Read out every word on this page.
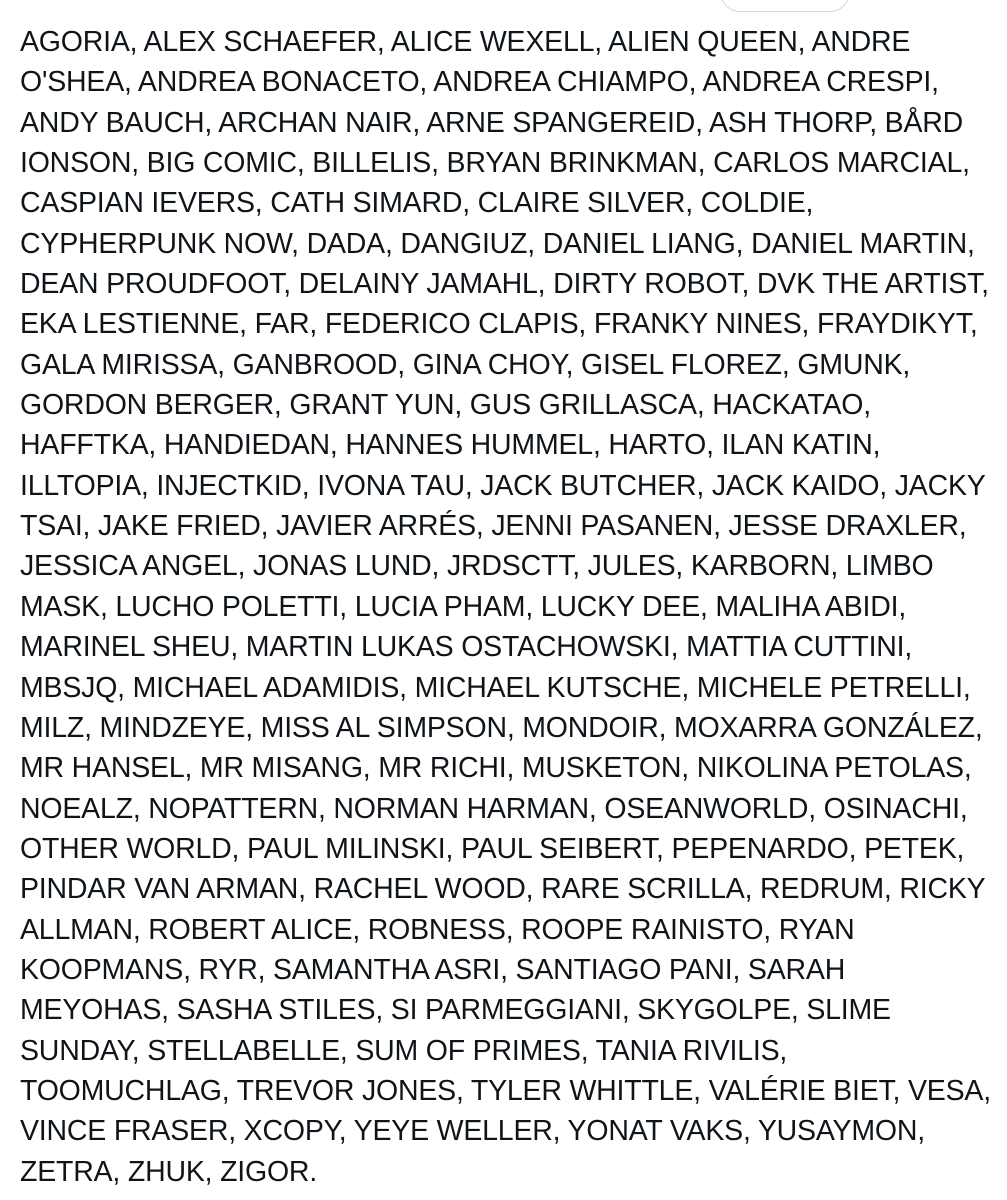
AGORIA, ALEX SCHAEFER, ALICE WEXELL, ALIEN QUEEN, ANDRE
O'SHEA, ANDREA BONACETO, ANDREA CHIAMPO, ANDREA CRESPI,
ANDY BAUCH, ARCHAN NAIR, ARNE SPANGEREID, ASH THORP, BÅRD
IONSON, BIG COMIC, BILLELIS, BRYAN BRINKMAN, CARLOS MARCIAL,
CASPIAN IEVERS, CATH SIMARD, CLAIRE SILVER, COLDIE,
CYPHERPUNK NOW, DADA, DANGIUZ, DANIEL LIANG, DANIEL MARTIN,
DEAN PROUDFOOT, DELAINY JAMAHL, DIRTY ROBOT, DVK THE ARTIST,
EKA LESTIENNE, FAR, FEDERICO CLAPIS, FRANKY NINES, FRAYDIKYT,
GALA MIRISSA, GANBROOD, GINA CHOY, GISEL FLOREZ, GMUNK,
GORDON BERGER, GRANT YUN, GUS GRILLASCA, HACKATAO,
HAFFTKA, HANDIEDAN, HANNES HUMMEL, HARTO, ILAN KATIN,
ILLTOPIA, INJECTKID, IVONA TAU, JACK BUTCHER, JACK KAIDO, JACKY
TSAI, JAKE FRIED, JAVIER ARRÉS, JENNI PASANEN, JESSE DRAXLER,
JESSICA ANGEL, JONAS LUND, JRDSCTT, JULES, KARBORN, LIMBO
MASK, LUCHO POLETTI, LUCIA PHAM, LUCKY DEE, MALIHA ABIDI,
MARINEL SHEU, MARTIN LUKAS OSTACHOWSKI, MATTIA CUTTINI,
MBSJQ, MICHAEL ADAMIDIS, MICHAEL KUTSCHE, MICHELE PETRELLI,
MILZ, MINDZEYE, MISS AL SIMPSON, MONDOIR, MOXARRA GONZÁLEZ,
MR HANSEL, MR MISANG, MR RICHI, MUSKETON, NIKOLINA PETOLAS,
NOEALZ, NOPATTERN, NORMAN HARMAN, OSEANWORLD, OSINACHI,
OTHER WORLD, PAUL MILINSKI, PAUL SEIBERT, PEPENARDO, PETEK,
PINDAR VAN ARMAN, RACHEL WOOD, RARE SCRILLA, REDRUM, RICKY
ALLMAN, ROBERT ALICE, ROBNESS, ROOPE RAINISTO, RYAN
KOOPMANS, RYR, SAMANTHA ASRI, SANTIAGO PANI, SARAH
MEYOHAS, SASHA STILES, SI PARMEGGIANI, SKYGOLPE, SLIME
SUNDAY, STELLABELLE, SUM OF PRIMES, TANIA RIVILIS,
TOOMUCHLAG, TREVOR JONES, TYLER WHITTLE, VALÉRIE BIET, VESA,
VINCE FRASER, XCOPY, YEYE WELLER, YONAT VAKS, YUSAYMON,
ZETRA, ZHUK, ZIGOR.
